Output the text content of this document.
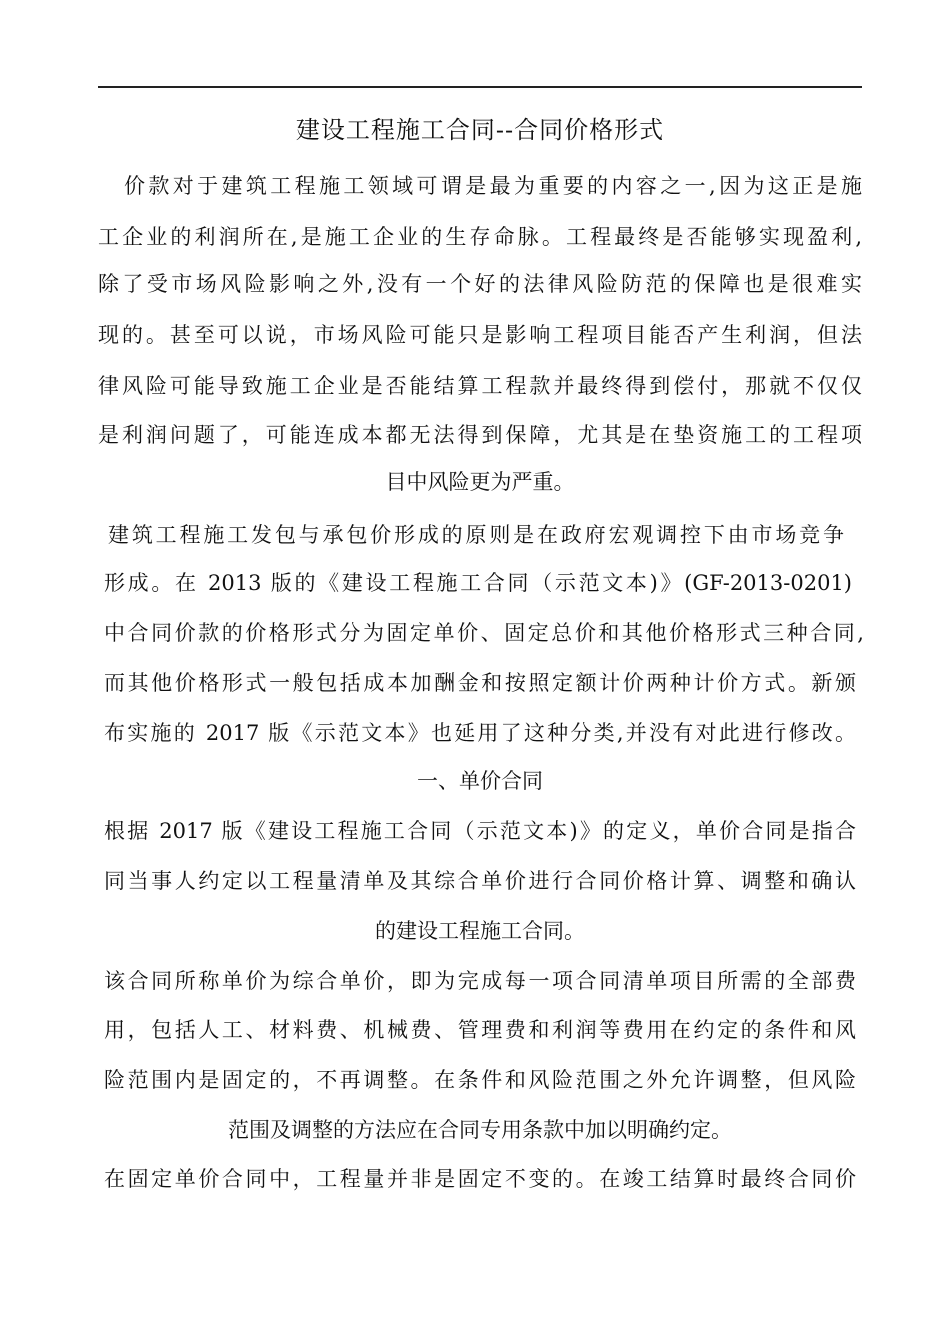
建设工程施工合同--合同价格形式
价款对于建筑工程施工领域可谓是最为重要的内容之一,因为这正是施
工企业的利润所在,是施工企业的生存命脉。工程最终是否能够实现盈利,
除了受市场风险影响之外,没有一个好的法律风险防范的保障也是很难实
现的。甚至可以说，市场风险可能只是影响工程项目能否产生利润，但法
律风险可能导致施工企业是否能结算工程款并最终得到偿付，那就不仅仅
是利润问题了，可能连成本都无法得到保障，尤其是在垫资施工的工程项
目中风险更为严重。
建筑工程施工发包与承包价形成的原则是在政府宏观调控下由市场竞争
形成。在 2013 版的《建设工程施工合同（示范文本)》(GF-2013-0201)
中合同价款的价格形式分为固定单价、固定总价和其他价格形式三种合同,
而其他价格形式一般包括成本加酬金和按照定额计价两种计价方式。新颁
布实施的 2017 版《示范文本》也延用了这种分类,并没有对此进行修改。
一、单价合同
根据 2017 版《建设工程施工合同（示范文本)》的定义，单价合同是指合
同当事人约定以工程量清单及其综合单价进行合同价格计算、调整和确认
的建设工程施工合同。
该合同所称单价为综合单价，即为完成每一项合同清单项目所需的全部费
用，包括人工、材料费、机械费、管理费和利润等费用在约定的条件和风
险范围内是固定的，不再调整。在条件和风险范围之外允许调整，但风险
范围及调整的方法应在合同专用条款中加以明确约定。
在固定单价合同中，工程量并非是固定不变的。在竣工结算时最终合同价
